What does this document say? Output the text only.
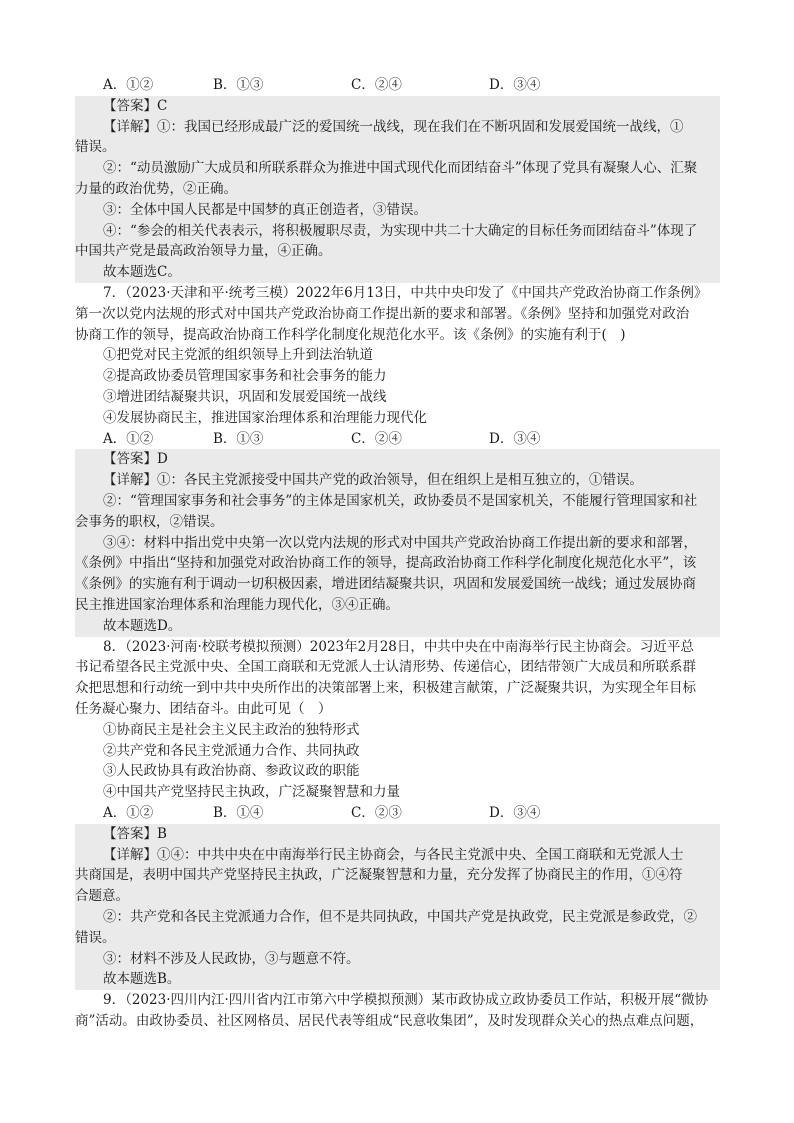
A．①②	B．①③	C．②④	D．③④
【答案】C
【详解】①：我国已经形成最广泛的爱国统一战线，现在我们在不断巩固和发展爱国统一战线，①
错误。
②：“动员激励广大成员和所联系群众为推进中国式现代化而团结奋斗”体现了党具有凝聚人心、汇聚
力量的政治优势，②正确。
③：全体中国人民都是中国梦的真正创造者，③错误。
④：“参会的相关代表表示，将积极履职尽责，为实现中共二十大确定的目标任务而团结奋斗”体现了
中国共产党是最高政治领导力量，④正确。
故本题选C。
7．（2023·天津和平·统考三模）2022年6月13日，中共中央印发了《中国共产党政治协商工作条例》
第一次以党内法规的形式对中国共产党政治协商工作提出新的要求和部署。《条例》坚持和加强党对政治
协商工作的领导，提高政治协商工作科学化制度化规范化水平。该《条例》的实施有利于(　)
①把党对民主党派的组织领导上升到法治轨道
②提高政协委员管理国家事务和社会事务的能力
③增进团结凝聚共识，巩固和发展爱国统一战线
④发展协商民主，推进国家治理体系和治理能力现代化
A．①②	B．①③	C．②④	D．③④
【答案】D
【详解】①：各民主党派接受中国共产党的政治领导，但在组织上是相互独立的，①错误。
②：“管理国家事务和社会事务”的主体是国家机关，政协委员不是国家机关，不能履行管理国家和社
会事务的职权，②错误。
③④：材料中指出党中央第一次以党内法规的形式对中国共产党政治协商工作提出新的要求和部署，
《条例》中指出“坚持和加强党对政治协商工作的领导，提高政治协商工作科学化制度化规范化水平”，该
《条例》的实施有利于调动一切积极因素，增进团结凝聚共识，巩固和发展爱国统一战线；通过发展协商
民主推进国家治理体系和治理能力现代化，③④正确。
故本题选D。
8．（2023·河南·校联考模拟预测）2023年2月28日，中共中央在中南海举行民主协商会。习近平总
书记希望各民主党派中央、全国工商联和无党派人士认清形势、传递信心，团结带领广大成员和所联系群
众把思想和行动统一到中共中央所作出的决策部署上来，积极建言献策，广泛凝聚共识，为实现全年目标
任务凝心聚力、团结奋斗。由此可见（　）
①协商民主是社会主义民主政治的独特形式
②共产党和各民主党派通力合作、共同执政
③人民政协具有政治协商、参政议政的职能
④中国共产党坚持民主执政，广泛凝聚智慧和力量
A．①②	B．①④	C．②③	D．③④
【答案】B
【详解】①④：中共中央在中南海举行民主协商会，与各民主党派中央、全国工商联和无党派人士
共商国是，表明中国共产党坚持民主执政，广泛凝聚智慧和力量，充分发挥了协商民主的作用，①④符
合题意。
②：共产党和各民主党派通力合作，但不是共同执政，中国共产党是执政党，民主党派是参政党，②
错误。
③：材料不涉及人民政协，③与题意不符。
故本题选B。
9．（2023·四川内江·四川省内江市第六中学模拟预测）某市政协成立政协委员工作站，积极开展“微协
商”活动。由政协委员、社区网格员、居民代表等组成“民意收集团”，及时发现群众关心的热点难点问题，
